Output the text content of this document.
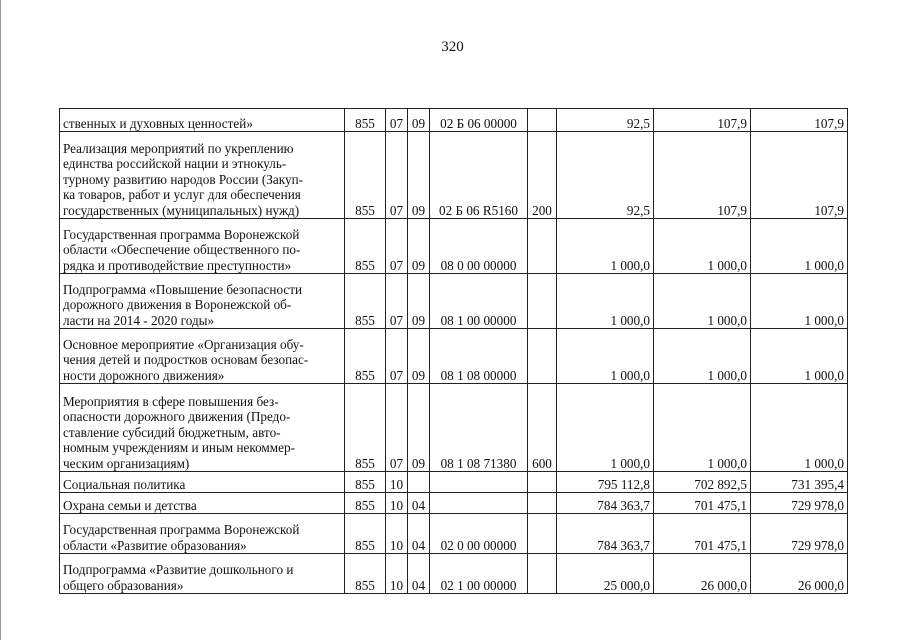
320
ственных и духовных ценностей»	855	07	09	02 Б 06 00000		92,5	107,9	107,9
Реализация мероприятий по укреплению
единства российской нации и этнокуль-
турному развитию народов России (Закуп-
ка товаров, работ и услуг для обеспечения
государственных (муниципальных) нужд)	855	07	09	02 Б 06 R5160	200	92,5	107,9	107,9
Государственная программа Воронежской
области «Обеспечение общественного по-
рядка и противодействие преступности»	855	07	09	08 0 00 00000		1 000,0	1 000,0	1 000,0
Подпрограмма «Повышение безопасности
дорожного движения в Воронежской об-
ласти на 2014 - 2020 годы»	855	07	09	08 1 00 00000		1 000,0	1 000,0	1 000,0
Основное мероприятие «Организация обу-
чения детей и подростков основам безопас-
ности дорожного движения»	855	07	09	08 1 08 00000		1 000,0	1 000,0	1 000,0
Мероприятия в сфере повышения без-
опасности дорожного движения (Предо-
ставление субсидий бюджетным, авто-
номным учреждениям и иным некоммер-
ческим организациям)	855	07	09	08 1 08 71380	600	1 000,0	1 000,0	1 000,0
Социальная политика	855	10				795 112,8	702 892,5	731 395,4
Охрана семьи и детства	855	10	04			784 363,7	701 475,1	729 978,0
Государственная программа Воронежской
области «Развитие образования»	855	10	04	02 0 00 00000		784 363,7	701 475,1	729 978,0
Подпрограмма «Развитие дошкольного и
общего образования»	855	10	04	02 1 00 00000		25 000,0	26 000,0	26 000,0
